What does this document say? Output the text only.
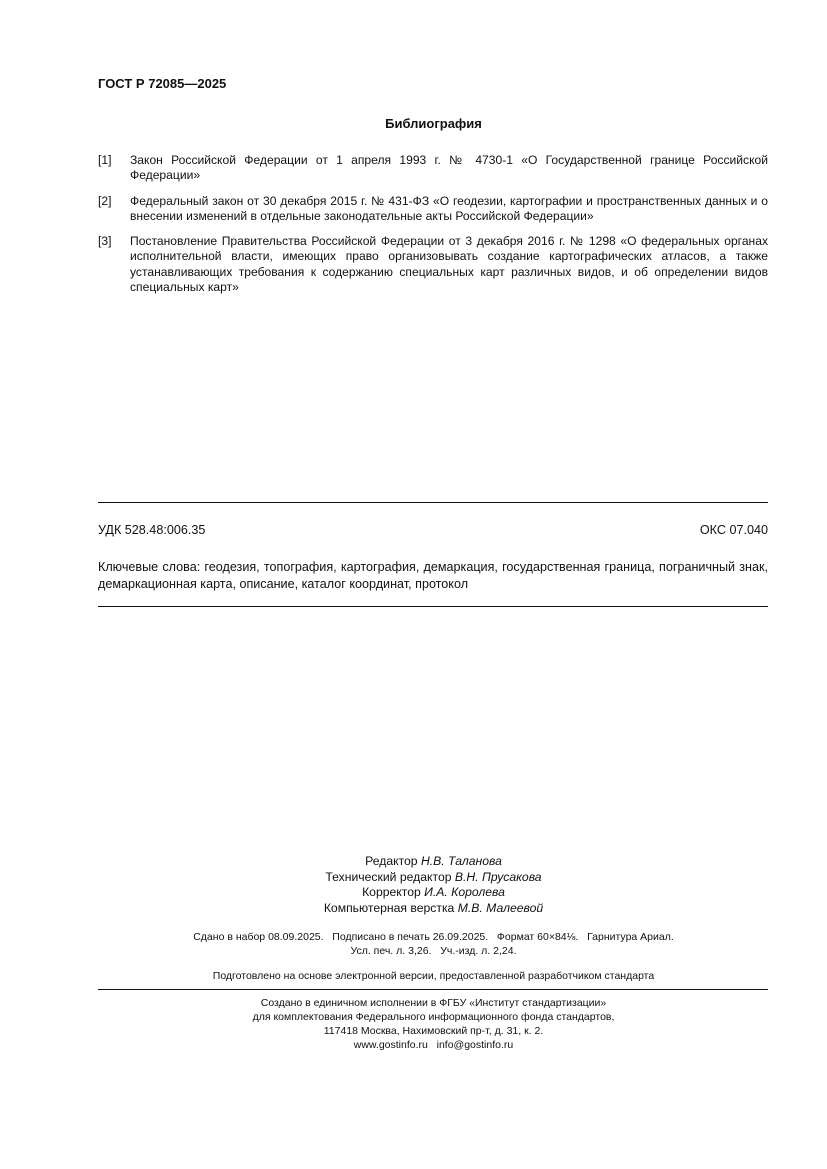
ГОСТ Р 72085—2025
Библиография
[1]	Закон Российской Федерации от 1 апреля 1993 г. № 4730-1 «О Государственной границе Российской Федерации»
[2]	Федеральный закон от 30 декабря 2015 г. № 431-ФЗ «О геодезии, картографии и пространственных данных и о внесении изменений в отдельные законодательные акты Российской Федерации»
[3]	Постановление Правительства Российской Федерации от 3 декабря 2016 г. № 1298 «О федеральных органах исполнительной власти, имеющих право организовывать создание картографических атласов, а также устанавливающих требования к содержанию специальных карт различных видов, и об определении видов специальных карт»
УДК 528.48:006.35	ОКС 07.040
Ключевые слова: геодезия, топография, картография, демаркация, государственная граница, пограничный знак, демаркационная карта, описание, каталог координат, протокол
Редактор Н.В. Таланова
Технический редактор В.Н. Прусакова
Корректор И.А. Королева
Компьютерная верстка М.В. Малеевой
Сдано в набор 08.09.2025.   Подписано в печать 26.09.2025.   Формат 60×84⅛.   Гарнитура Ариал.
Усл. печ. л. 3,26.   Уч.-изд. л. 2,24.
Подготовлено на основе электронной версии, предоставленной разработчиком стандарта
Создано в единичном исполнении в ФГБУ «Институт стандартизации»
для комплектования Федерального информационного фонда стандартов,
117418 Москва, Нахимовский пр-т, д. 31, к. 2.
www.gostinfo.ru   info@gostinfo.ru
